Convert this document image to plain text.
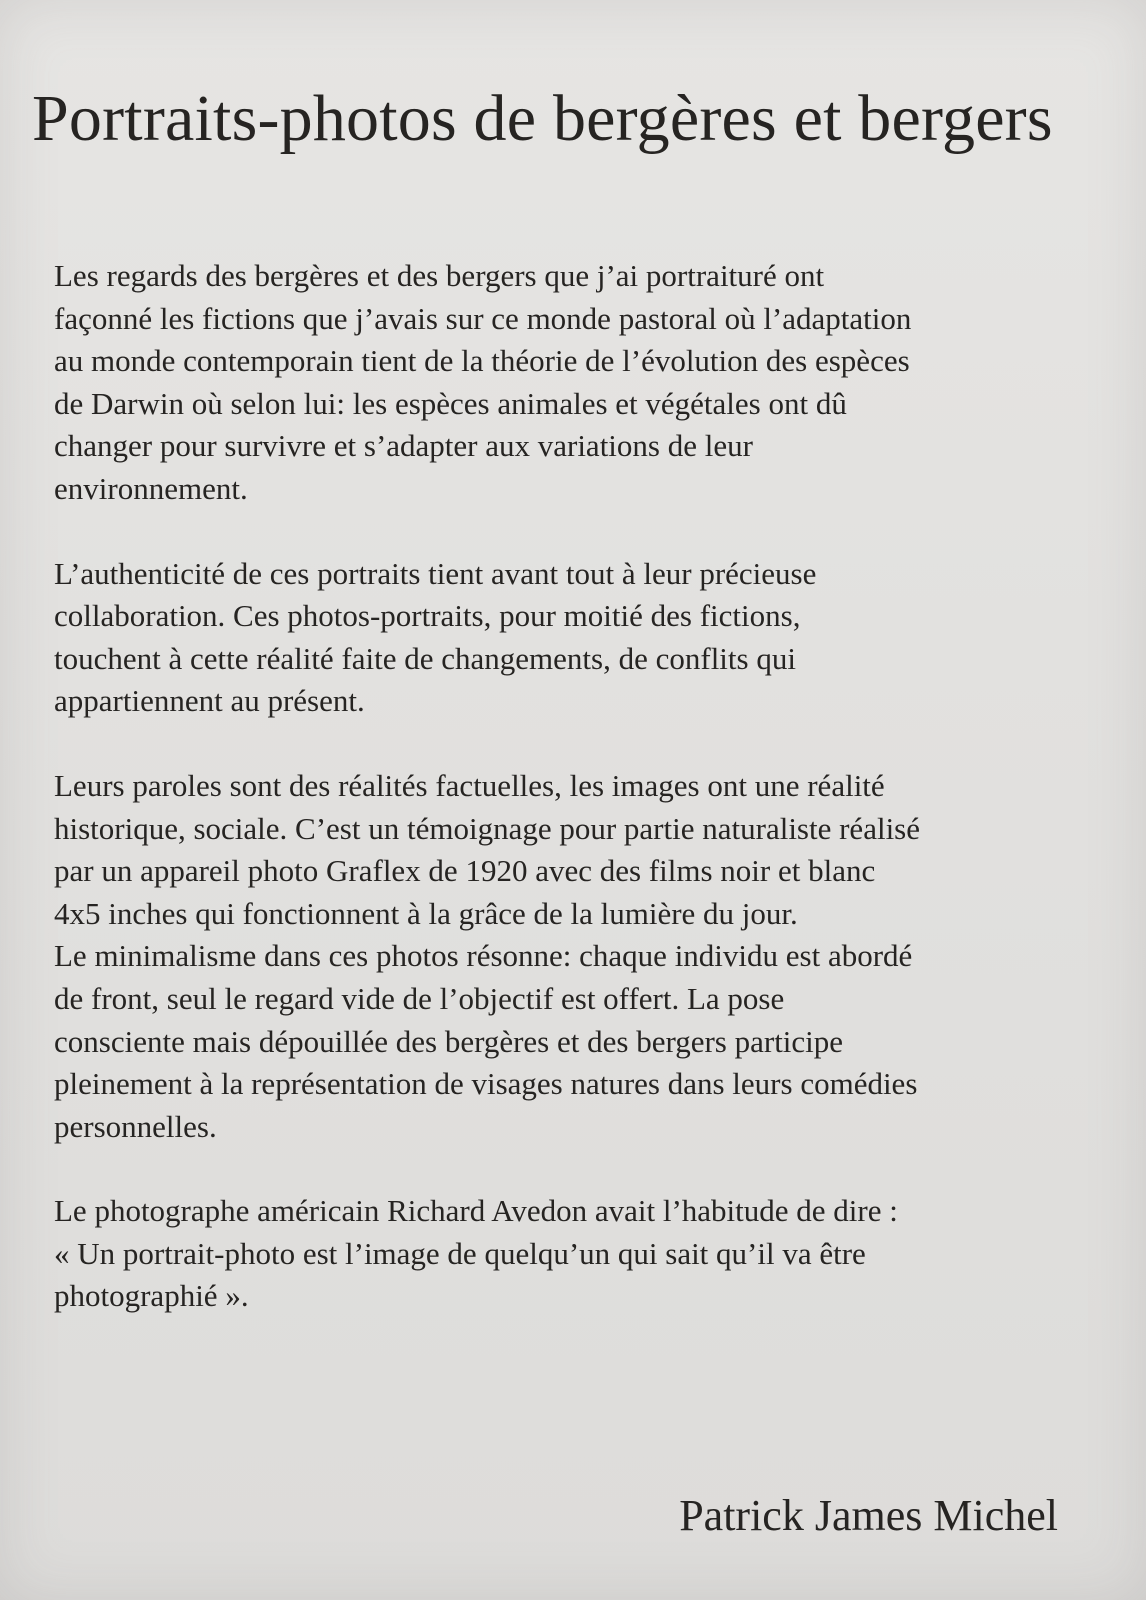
Portraits-photos de bergères et bergers

Les regards des bergères et des bergers que j’ai portraituré ont
façonné les fictions que j’avais sur ce monde pastoral où l’adaptation
au monde contemporain tient de la théorie de l’évolution des espèces
de Darwin où selon lui: les espèces animales et végétales ont dû
changer pour survivre et s’adapter aux variations de leur
environnement.

L’authenticité de ces portraits tient avant tout à leur précieuse
collaboration. Ces photos-portraits, pour moitié des fictions,
touchent à cette réalité faite de changements, de conflits qui
appartiennent au présent.

Leurs paroles sont des réalités factuelles, les images ont une réalité
historique, sociale. C’est un témoignage pour partie naturaliste réalisé
par un appareil photo Graflex de 1920 avec des films noir et blanc
4x5 inches qui fonctionnent à la grâce de la lumière du jour.
Le minimalisme dans ces photos résonne: chaque individu est abordé
de front, seul le regard vide de l’objectif est offert. La pose
consciente mais dépouillée des bergères et des bergers participe
pleinement à la représentation de visages natures dans leurs comédies
personnelles.

Le photographe américain Richard Avedon avait l’habitude de dire :
« Un portrait-photo est l’image de quelqu’un qui sait qu’il va être
photographié ».

Patrick James Michel
